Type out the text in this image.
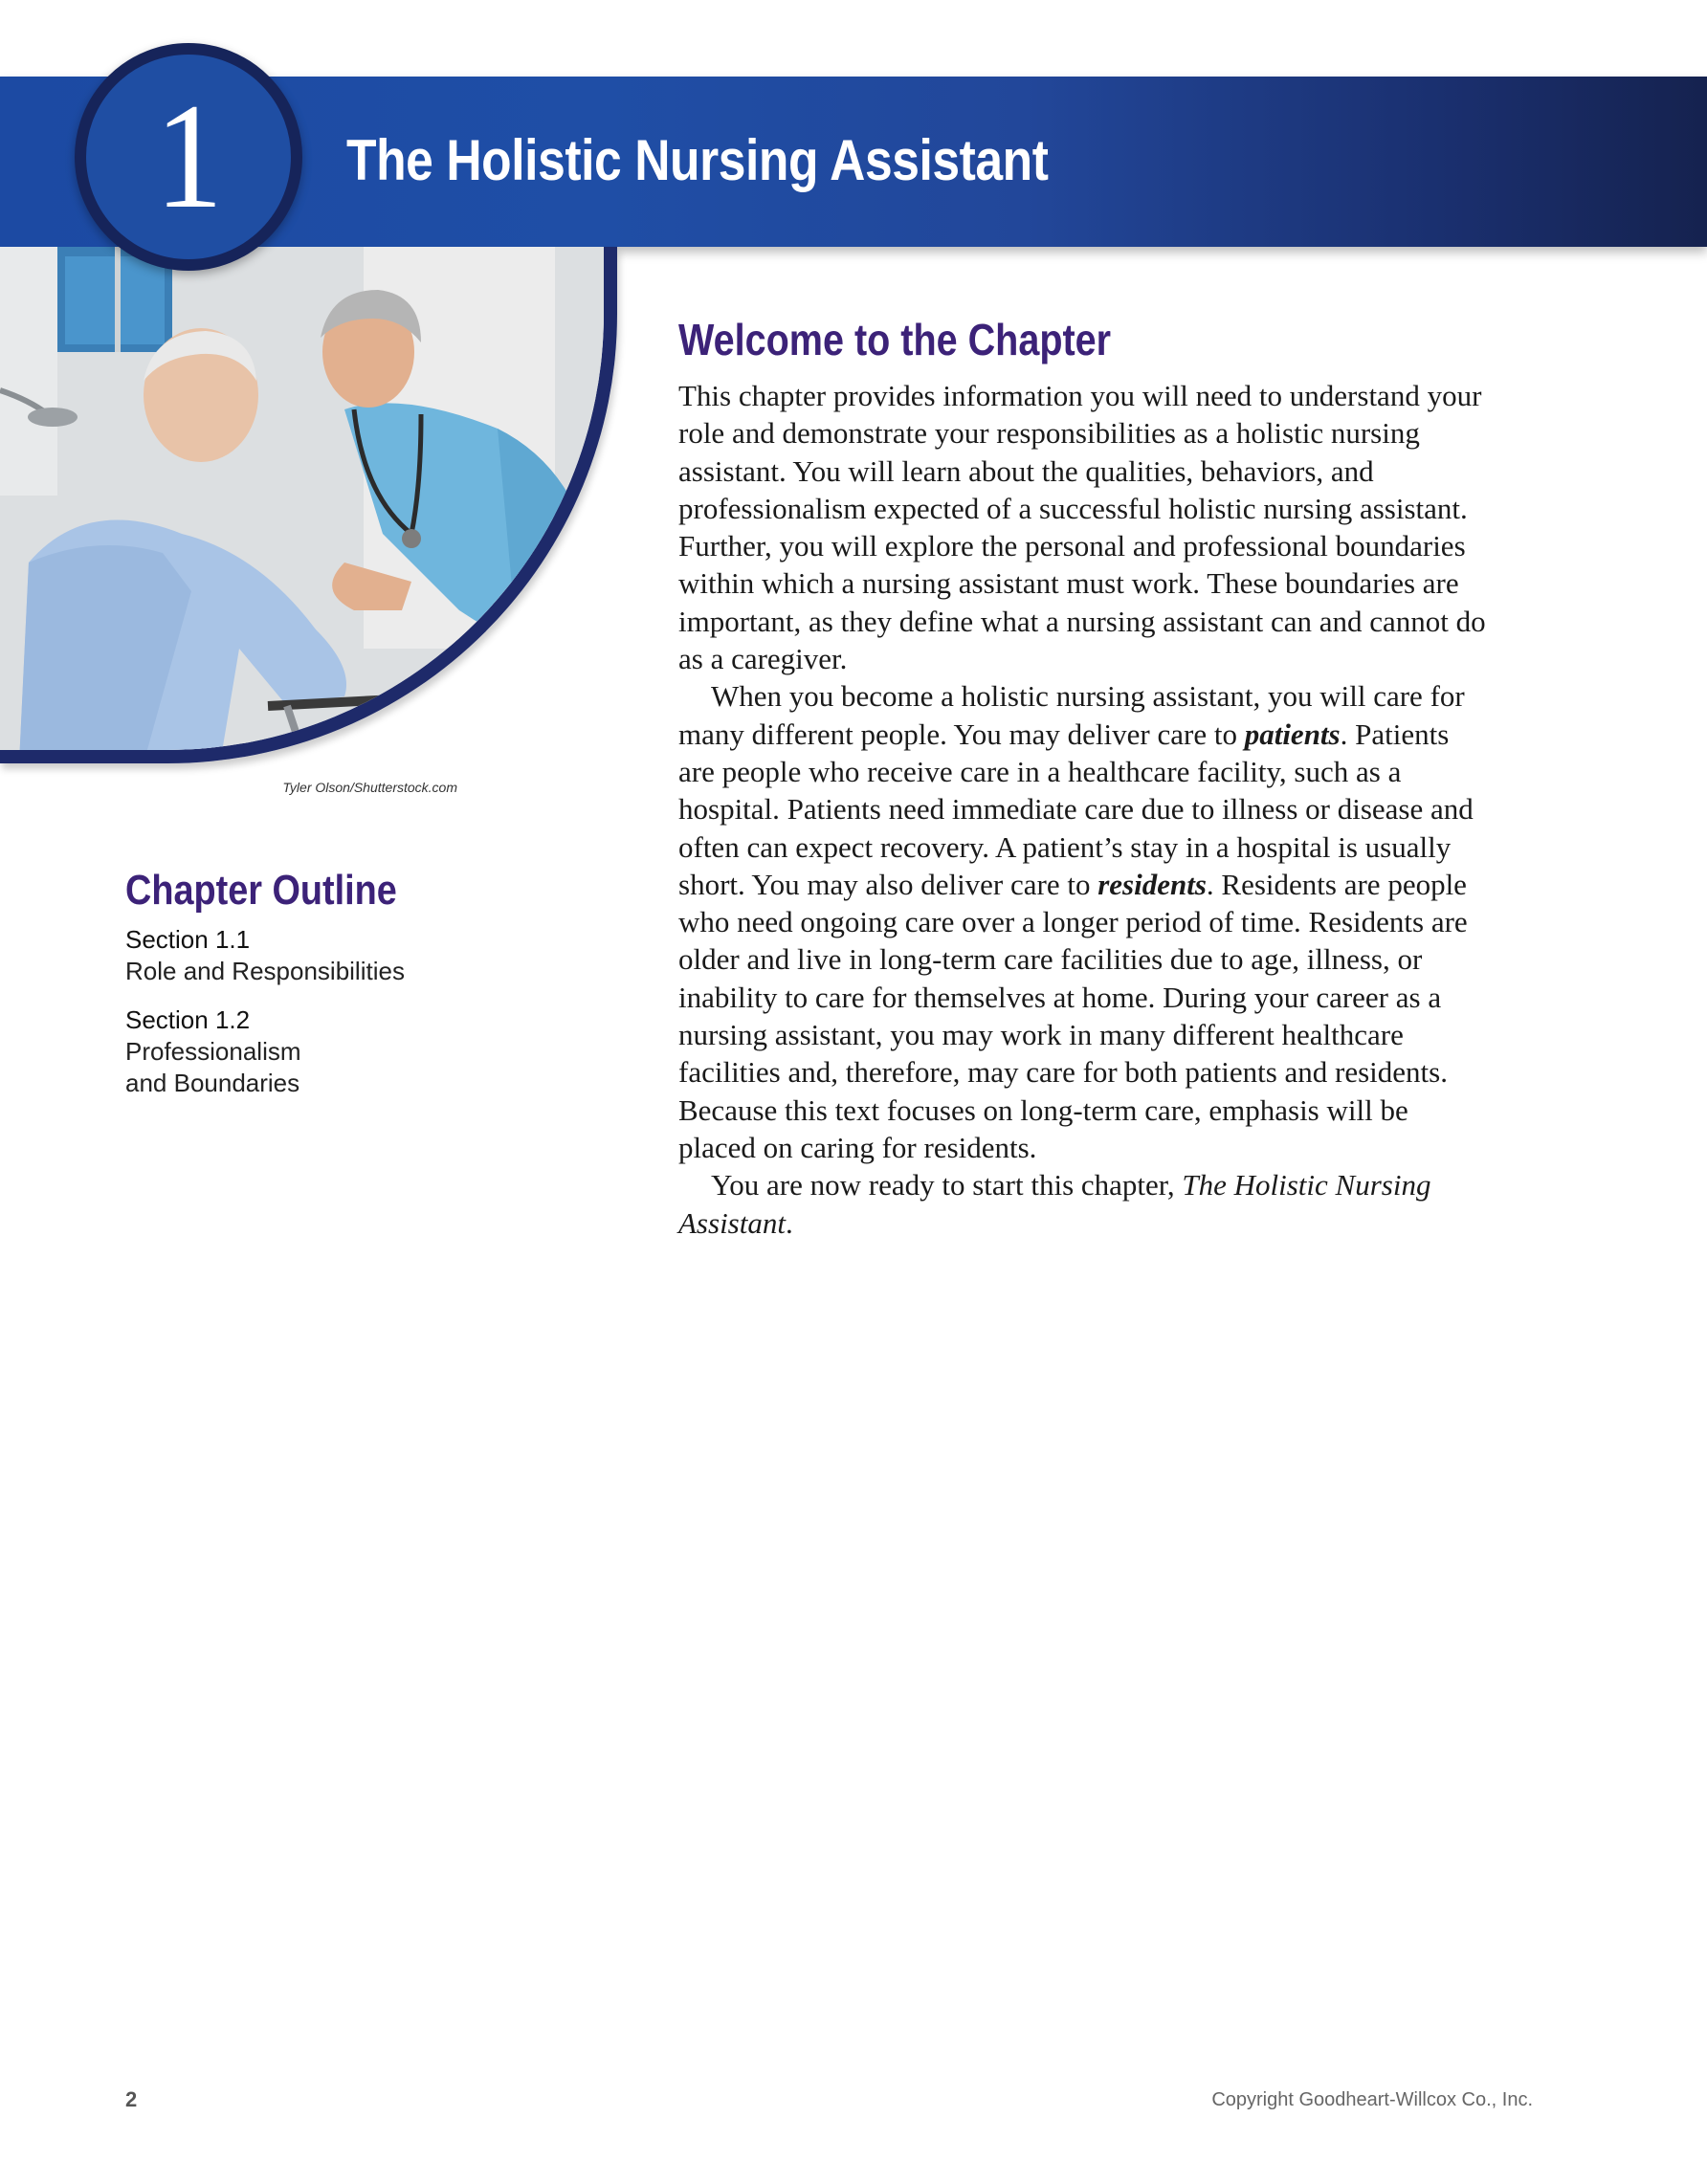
The Holistic Nursing Assistant
Tyler Olson/Shutterstock.com
1
Chapter Outline
Section 1.1
Role and Responsibilities
Section 1.2
Professionalism
and Boundaries
Welcome to the Chapter

This chapter provides information you will need to understand your role and demonstrate your responsibilities as a holistic nursing assistant. You will learn about the qualities, behaviors, and professionalism expected of a successful holistic nursing assistant. Further, you will explore the personal and professional boundaries within which a nursing assistant must work. These boundaries are important, as they define what a nursing assistant can and cannot do as a caregiver.

When you become a holistic nursing assistant, you will care for many different people. You may deliver care to patients. Patients are people who receive care in a healthcare facility, such as a hospital. Patients need immediate care due to illness or disease and often can expect recovery. A patient’s stay in a hospital is usually short. You may also deliver care to residents. Residents are people who need ongoing care over a longer period of time. Residents are older and live in long-term care facilities due to age, illness, or inability to care for themselves at home. During your career as a nursing assistant, you may work in many different healthcare facilities and, therefore, may care for both patients and residents. Because this text focuses on long-term care, emphasis will be placed on caring for residents.

You are now ready to start this chapter, The Holistic Nursing Assistant.

2	Copyright Goodheart-Willcox Co., Inc.
